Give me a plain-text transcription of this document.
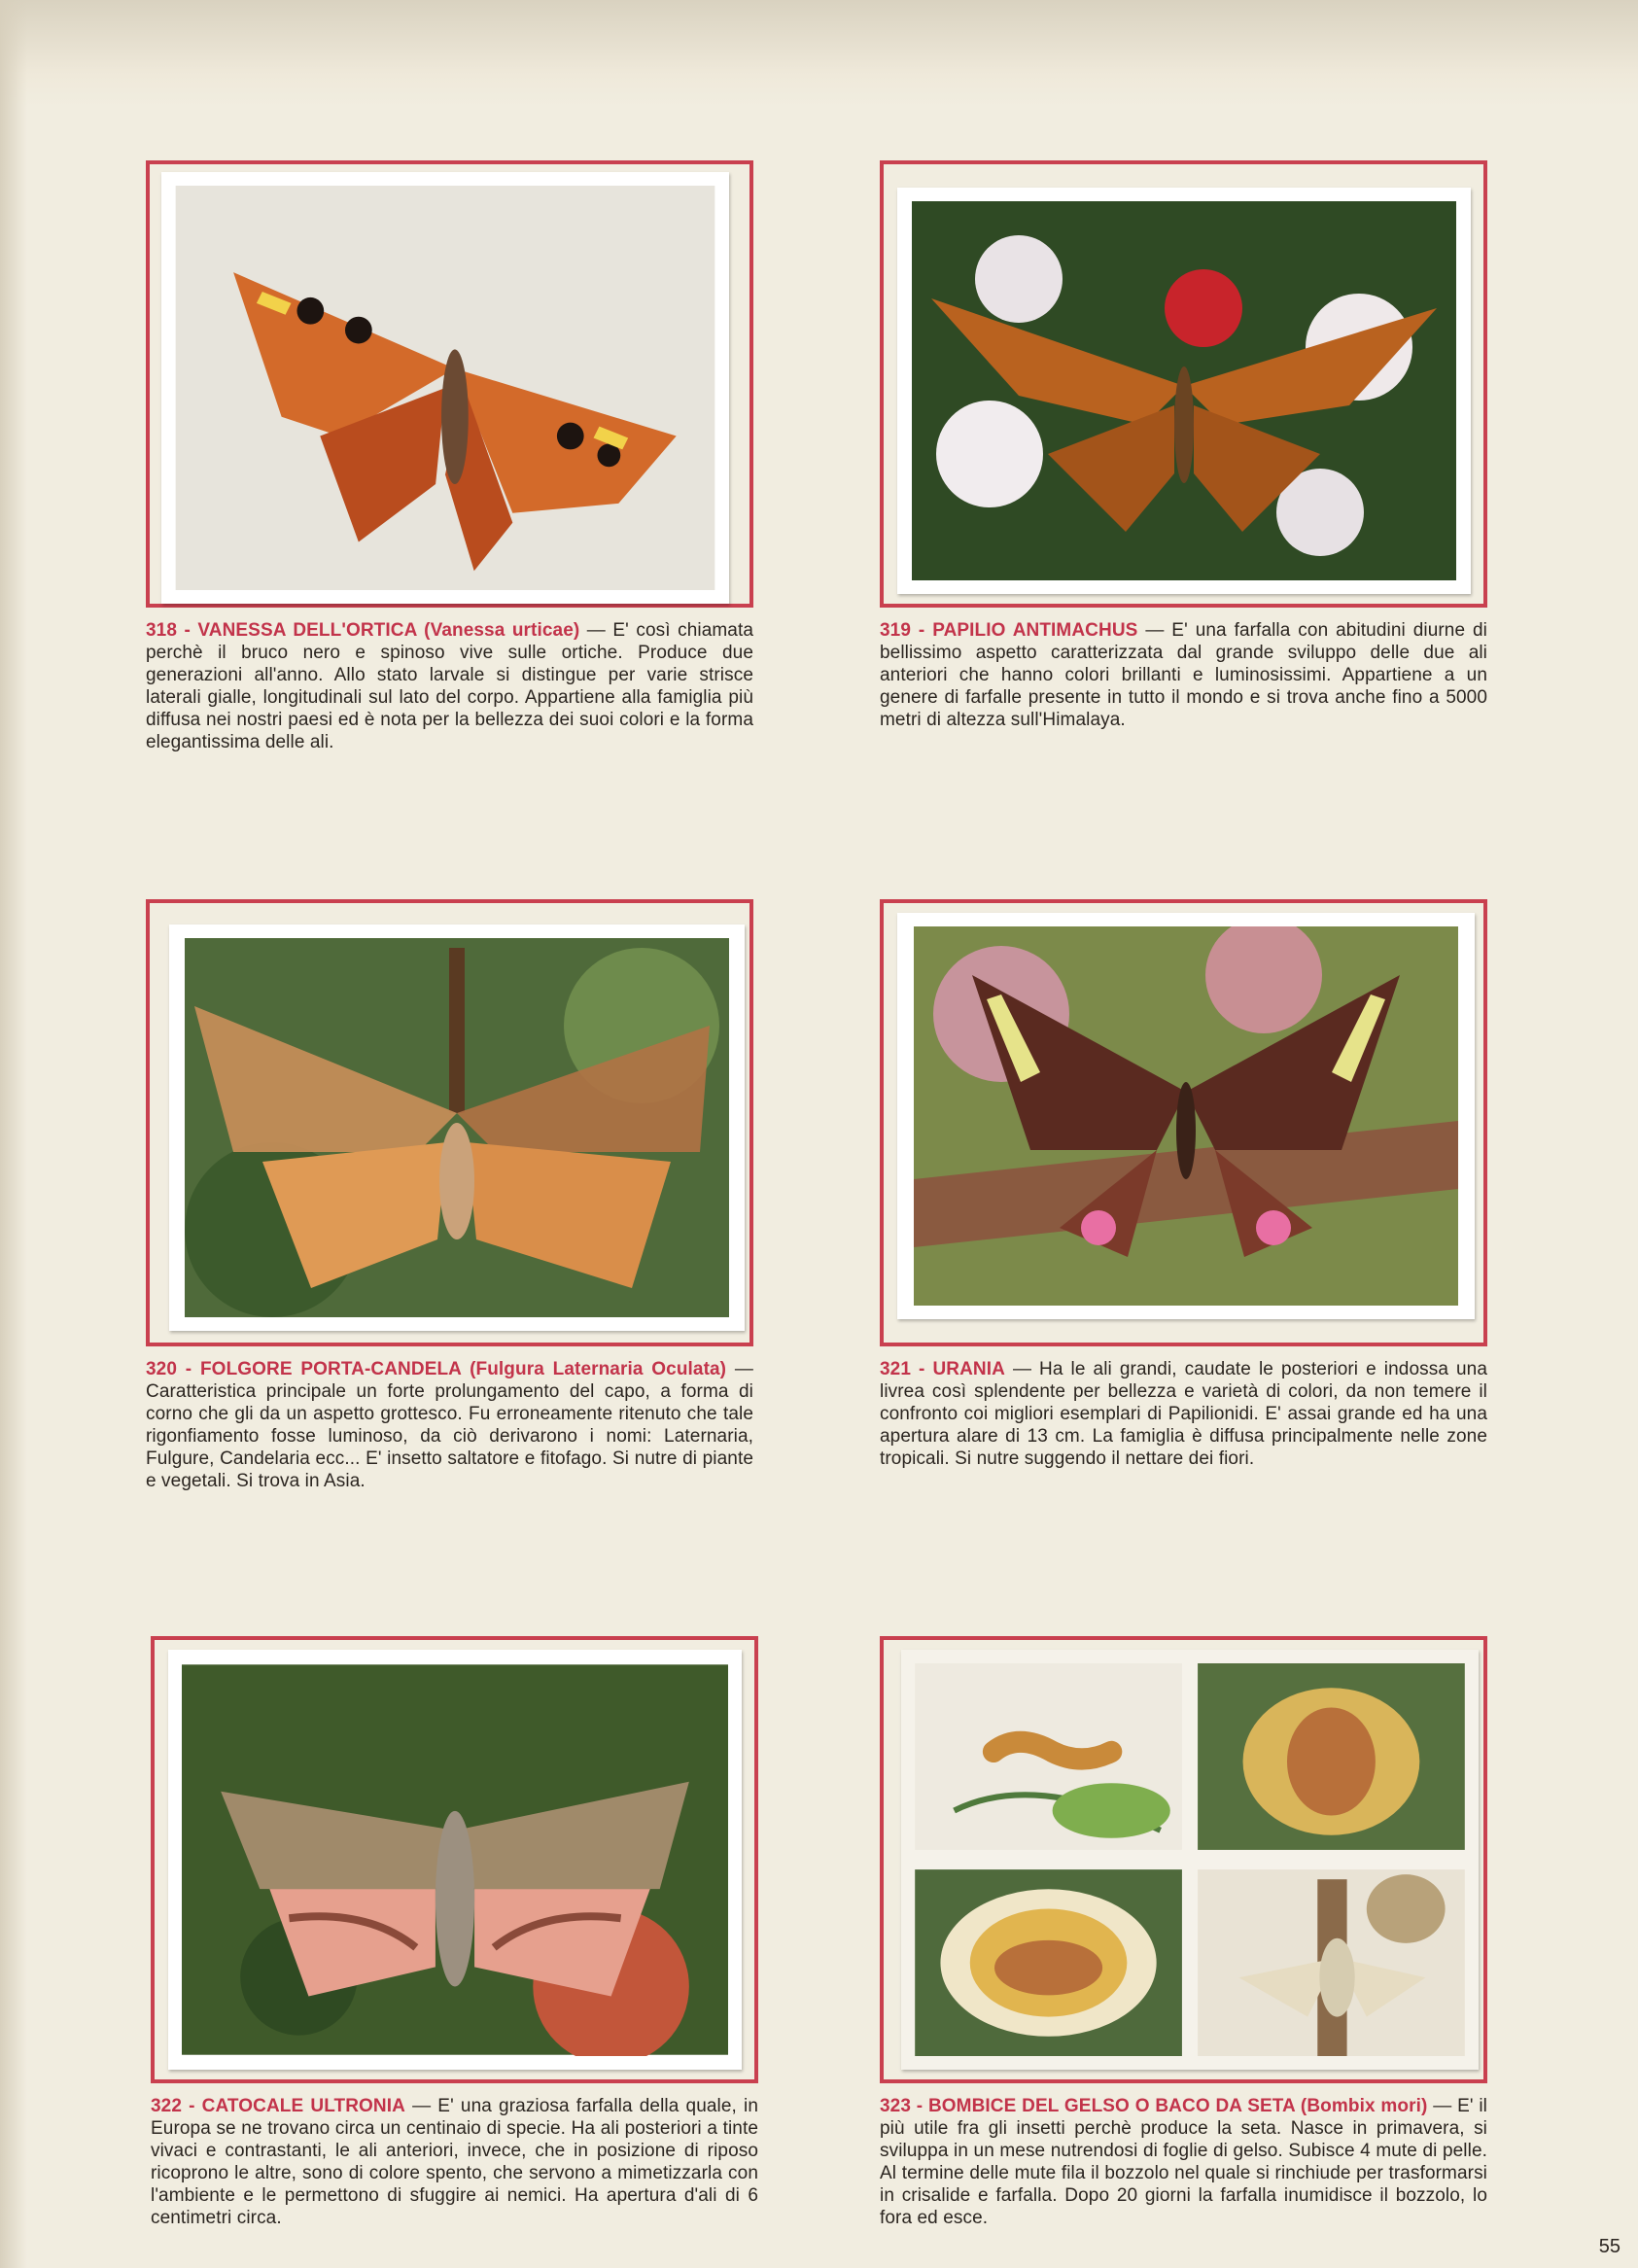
318 - VANESSA DELL'ORTICA (Vanessa urticae) — E' così chiamata perchè il bruco nero e spinoso vive sulle ortiche. Produce due generazioni all'anno. Allo stato larvale si distingue per varie strisce laterali gialle, longitudinali sul lato del corpo. Appartiene alla famiglia più diffusa nei nostri paesi ed è nota per la bellezza dei suoi colori e la forma elegantissima delle ali.
319 - PAPILIO ANTIMACHUS — E' una farfalla con abitudini diurne di bellissimo aspetto caratterizzata dal grande sviluppo delle due ali anteriori che hanno colori brillanti e luminosissimi. Appartiene a un genere di farfalle presente in tutto il mondo e si trova anche fino a 5000 metri di altezza sull'Himalaya.
320 - FOLGORE PORTA-CANDELA (Fulgura Laternaria Oculata) — Caratteristica principale un forte prolungamento del capo, a forma di corno che gli da un aspetto grottesco. Fu erroneamente ritenuto che tale rigonfiamento fosse luminoso, da ciò derivarono i nomi: Laternaria, Fulgure, Candelaria ecc... E' insetto saltatore e fitofago. Si nutre di piante e vegetali. Si trova in Asia.
321 - URANIA — Ha le ali grandi, caudate le posteriori e indossa una livrea così splendente per bellezza e varietà di colori, da non temere il confronto coi migliori esemplari di Papilionidi. E' assai grande ed ha una apertura alare di 13 cm. La famiglia è diffusa principalmente nelle zone tropicali. Si nutre suggendo il nettare dei fiori.
322 - CATOCALE ULTRONIA — E' una graziosa farfalla della quale, in Europa se ne trovano circa un centinaio di specie. Ha ali posteriori a tinte vivaci e contrastanti, le ali anteriori, invece, che in posizione di riposo ricoprono le altre, sono di colore spento, che servono a mimetizzarla con l'ambiente e le permettono di sfuggire ai nemici. Ha apertura d'ali di 6 centimetri circa.
323 - BOMBICE DEL GELSO O BACO DA SETA (Bombix mori) — E' il più utile fra gli insetti perchè produce la seta. Nasce in primavera, si sviluppa in un mese nutrendosi di foglie di gelso. Subisce 4 mute di pelle. Al termine delle mute fila il bozzolo nel quale si rinchiude per trasformarsi in crisalide e farfalla. Dopo 20 giorni la farfalla inumidisce il bozzolo, lo fora ed esce.
55
